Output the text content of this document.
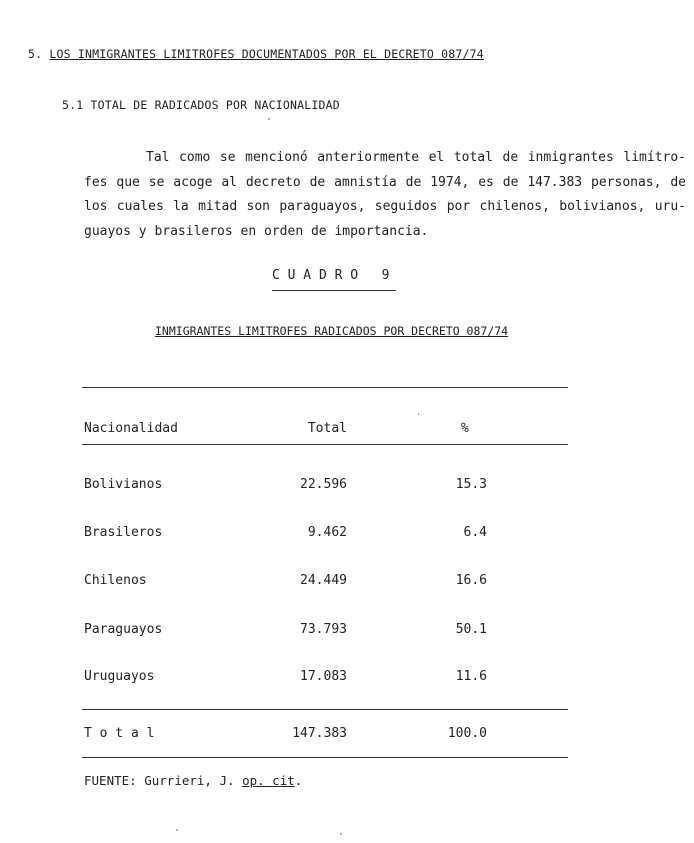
5. LOS INMIGRANTES LIMITROFES DOCUMENTADOS POR EL DECRETO 087/74
5.1 TOTAL DE RADICADOS POR NACIONALIDAD
Tal como se mencionó anteriormente el total de inmigrantes limítro-
fes que se acoge al decreto de amnistía de 1974, es de 147.383 personas, de
los cuales la mitad son paraguayos, seguidos por chilenos, bolivianos, uru-
guayos y brasileros en orden de importancia.
C U A D R O   9
INMIGRANTES LIMITROFES RADICADOS POR DECRETO 087/74
Nacionalidad	Total	%
Bolivianos	22.596	15.3
Brasileros	9.462	6.4
Chilenos	24.449	16.6
Paraguayos	73.793	50.1
Uruguayos	17.083	11.6
T o t a l	147.383	100.0
FUENTE: Gurrieri, J. op. cit.
